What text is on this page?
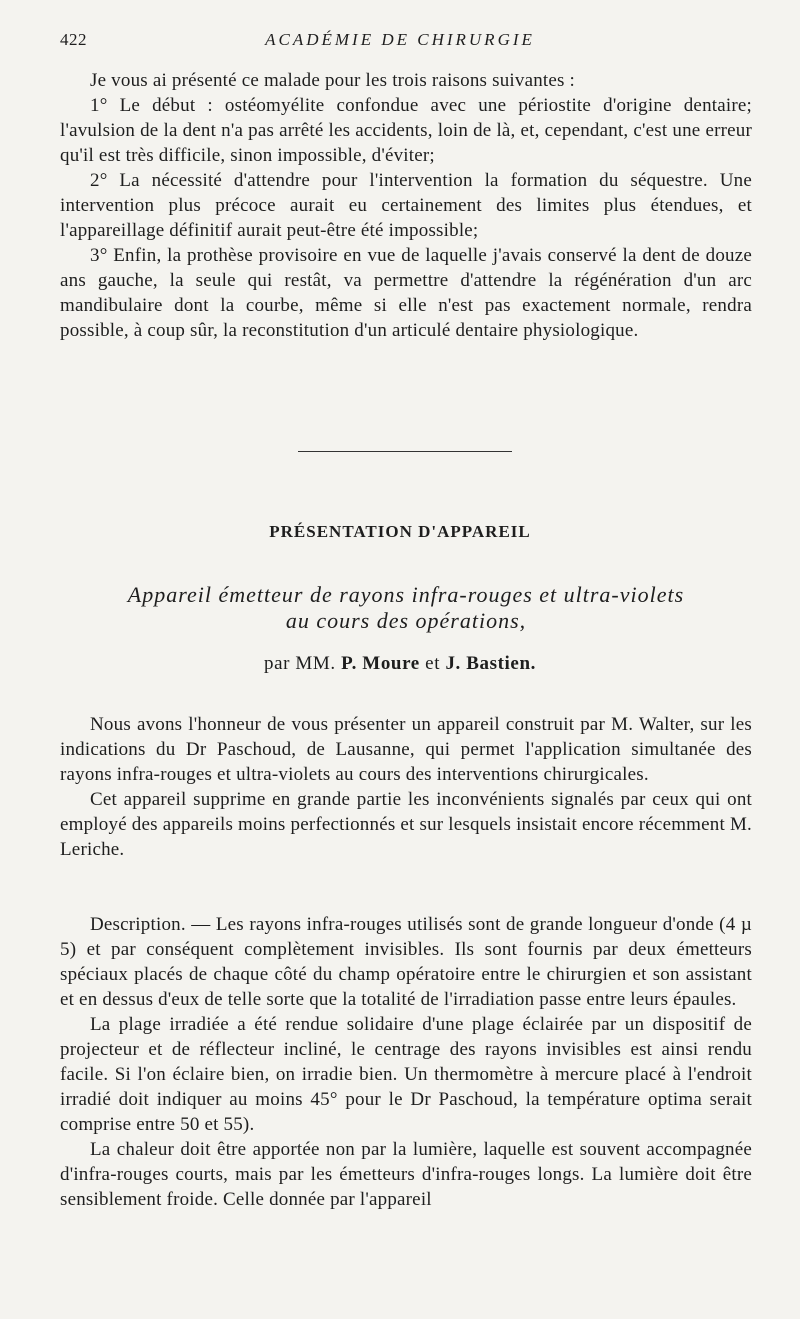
422	ACADÉMIE DE CHIRURGIE

Je vous ai présenté ce malade pour les trois raisons suivantes :

1° Le début : ostéomyélite confondue avec une périostite d'origine dentaire; l'avulsion de la dent n'a pas arrêté les accidents, loin de là, et, cependant, c'est une erreur qu'il est très difficile, sinon impossible, d'éviter;

2° La nécessité d'attendre pour l'intervention la formation du séquestre. Une intervention plus précoce aurait eu certainement des limites plus étendues, et l'appareillage définitif aurait peut-être été impossible;

3° Enfin, la prothèse provisoire en vue de laquelle j'avais conservé la dent de douze ans gauche, la seule qui restât, va permettre d'attendre la régénération d'un arc mandibulaire dont la courbe, même si elle n'est pas exactement normale, rendra possible, à coup sûr, la reconstitution d'un articulé dentaire physiologique.

PRÉSENTATION D'APPAREIL
Appareil émetteur de rayons infra-rouges et ultra-violets
au cours des opérations,
par MM. P. Moure et J. Bastien.

Nous avons l'honneur de vous présenter un appareil construit par M. Walter, sur les indications du Dr Paschoud, de Lausanne, qui permet l'application simultanée des rayons infra-rouges et ultra-violets au cours des interventions chirurgicales.

Cet appareil supprime en grande partie les inconvénients signalés par ceux qui ont employé des appareils moins perfectionnés et sur lesquels insistait encore récemment M. Leriche.

Description. — Les rayons infra-rouges utilisés sont de grande longueur d'onde (4 µ 5) et par conséquent complètement invisibles. Ils sont fournis par deux émetteurs spéciaux placés de chaque côté du champ opératoire entre le chirurgien et son assistant et en dessus d'eux de telle sorte que la totalité de l'irradiation passe entre leurs épaules.

La plage irradiée a été rendue solidaire d'une plage éclairée par un dispositif de projecteur et de réflecteur incliné, le centrage des rayons invisibles est ainsi rendu facile. Si l'on éclaire bien, on irradie bien. Un thermomètre à mercure placé à l'endroit irradié doit indiquer au moins 45° pour le Dr Paschoud, la température optima serait comprise entre 50 et 55).

La chaleur doit être apportée non par la lumière, laquelle est souvent accompagnée d'infra-rouges courts, mais par les émetteurs d'infra-rouges longs. La lumière doit être sensiblement froide. Celle donnée par l'appareil
